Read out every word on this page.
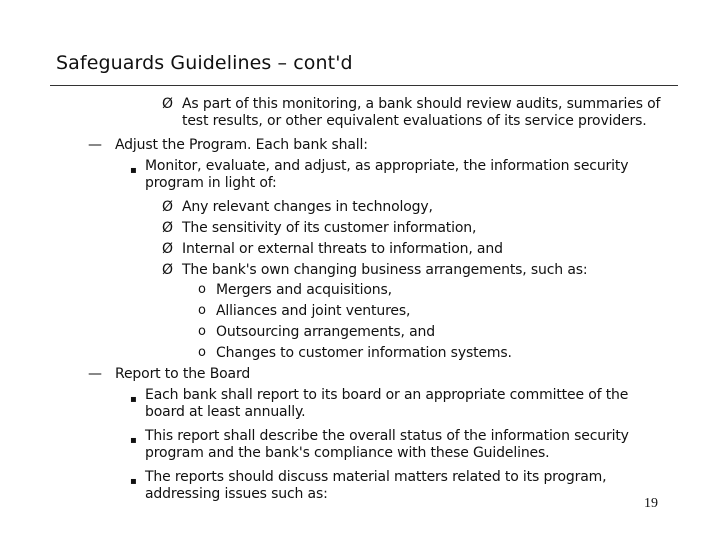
Safeguards Guidelines – cont'd
Ø As part of this monitoring, a bank should review audits, summaries of
test results, or other equivalent evaluations of its service providers.
— Adjust the Program. Each bank shall:
▪ Monitor, evaluate, and adjust, as appropriate, the information security
program in light of:
Ø Any relevant changes in technology,
Ø The sensitivity of its customer information,
Ø Internal or external threats to information, and
Ø The bank's own changing business arrangements, such as:
o Mergers and acquisitions,
o Alliances and joint ventures,
o Outsourcing arrangements, and
o Changes to customer information systems.
— Report to the Board
▪ Each bank shall report to its board or an appropriate committee of the
board at least annually.
▪ This report shall describe the overall status of the information security
program and the bank's compliance with these Guidelines.
▪ The reports should discuss material matters related to its program,
addressing issues such as:
19
